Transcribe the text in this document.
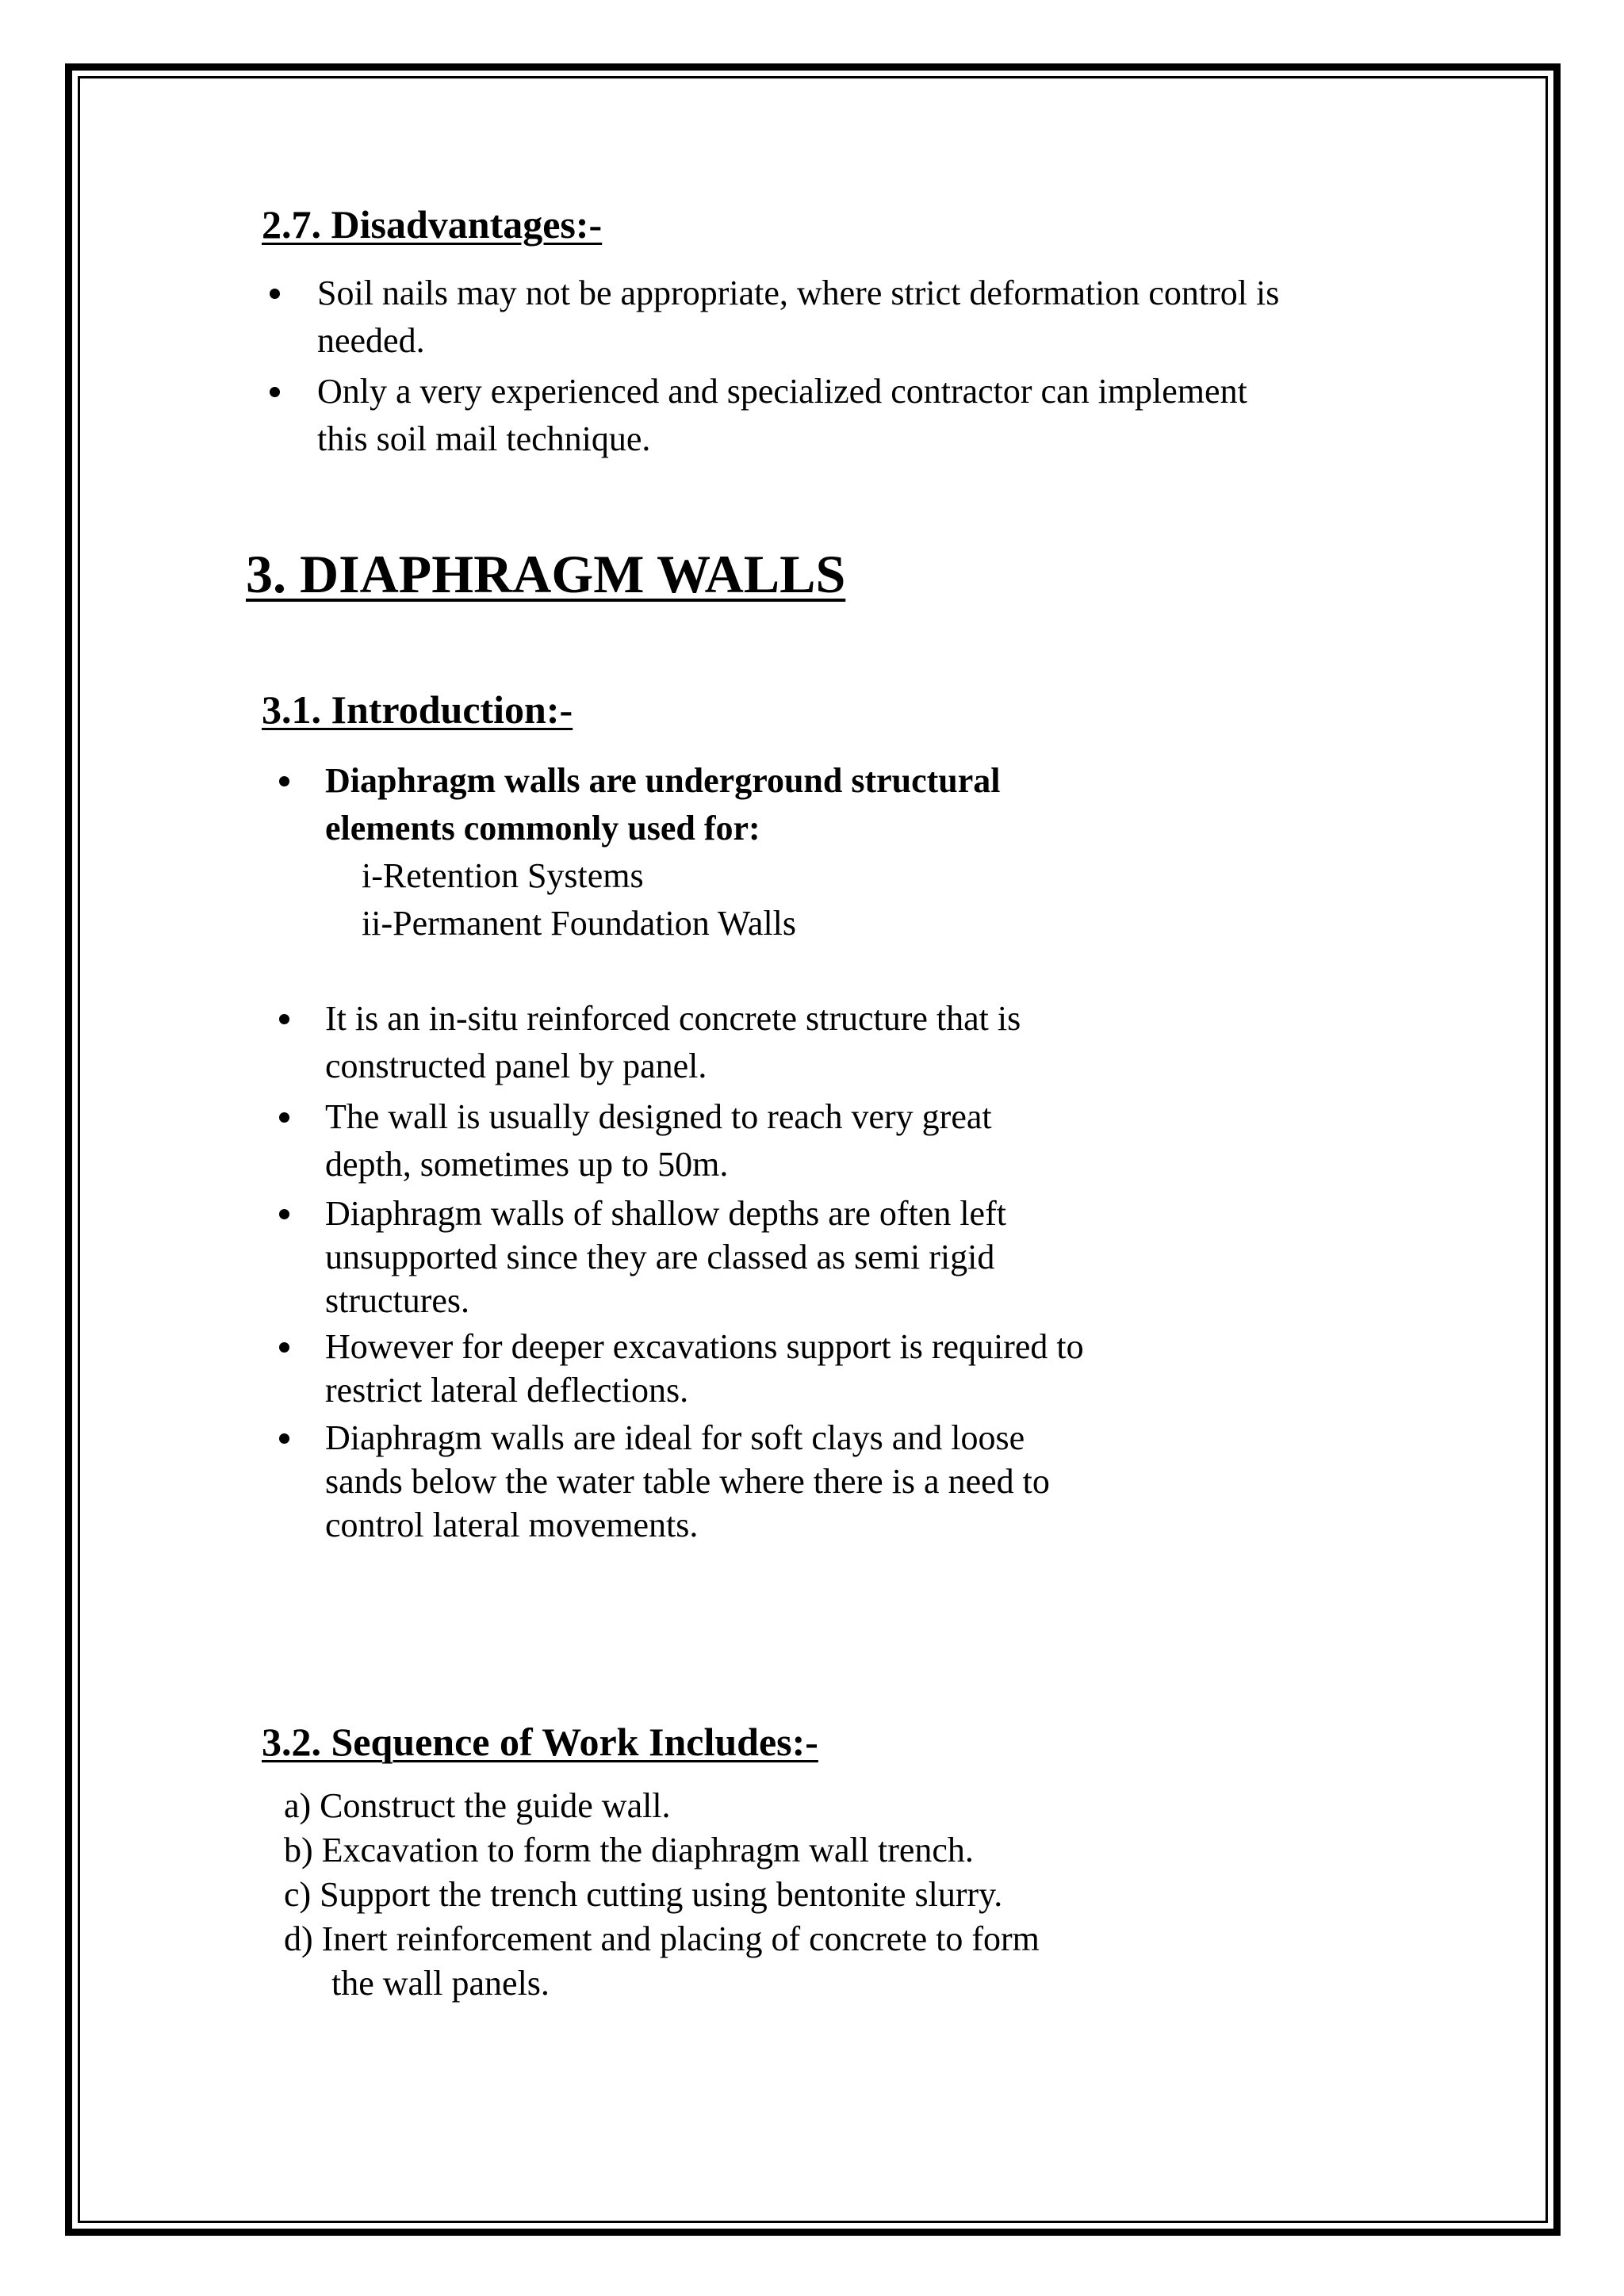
2.7. Disadvantages:-
Soil nails may not be appropriate, where strict deformation control is
needed.
Only a very experienced and specialized contractor can implement
this soil mail technique.
3. DIAPHRAGM WALLS
3.1. Introduction:-
Diaphragm walls are underground structural
elements commonly used for:
i-Retention Systems
ii-Permanent Foundation Walls
It is an in-situ reinforced concrete structure that is
constructed panel by panel.
The wall is usually designed to reach very great
depth, sometimes up to 50m.
Diaphragm walls of shallow depths are often left
unsupported since they are classed as semi rigid
structures.
However for deeper excavations support is required to
restrict lateral deflections.
Diaphragm walls are ideal for soft clays and loose
sands below the water table where there is a need to
control lateral movements.
3.2. Sequence of Work Includes:-
a) Construct the guide wall.
b) Excavation to form the diaphragm wall trench.
c) Support the trench cutting using bentonite slurry.
d) Inert reinforcement and placing of concrete to form
the wall panels.
